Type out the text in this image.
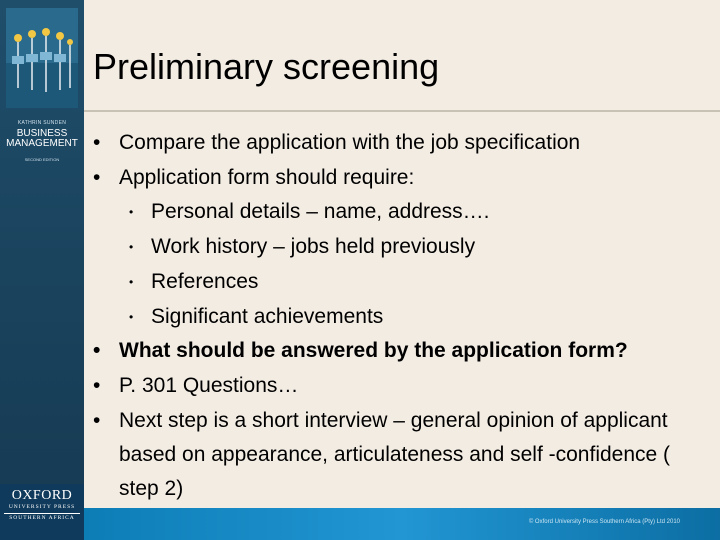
KATHRIN SUNDEN
BUSINESS
MANAGEMENT
SECOND EDITION
OXFORD
UNIVERSITY PRESS
SOUTHERN AFRICA
Preliminary screening
• Compare the application with the job specification
• Application form should require:
• Personal details – name, address….
• Work history – jobs held previously
• References
• Significant achievements
• What should be answered by the application form?
• P. 301 Questions…
• Next step is a short interview – general opinion of applicant based on appearance, articulateness and self -confidence ( step 2)
© Oxford University Press Southern Africa (Pty) Ltd 2010
